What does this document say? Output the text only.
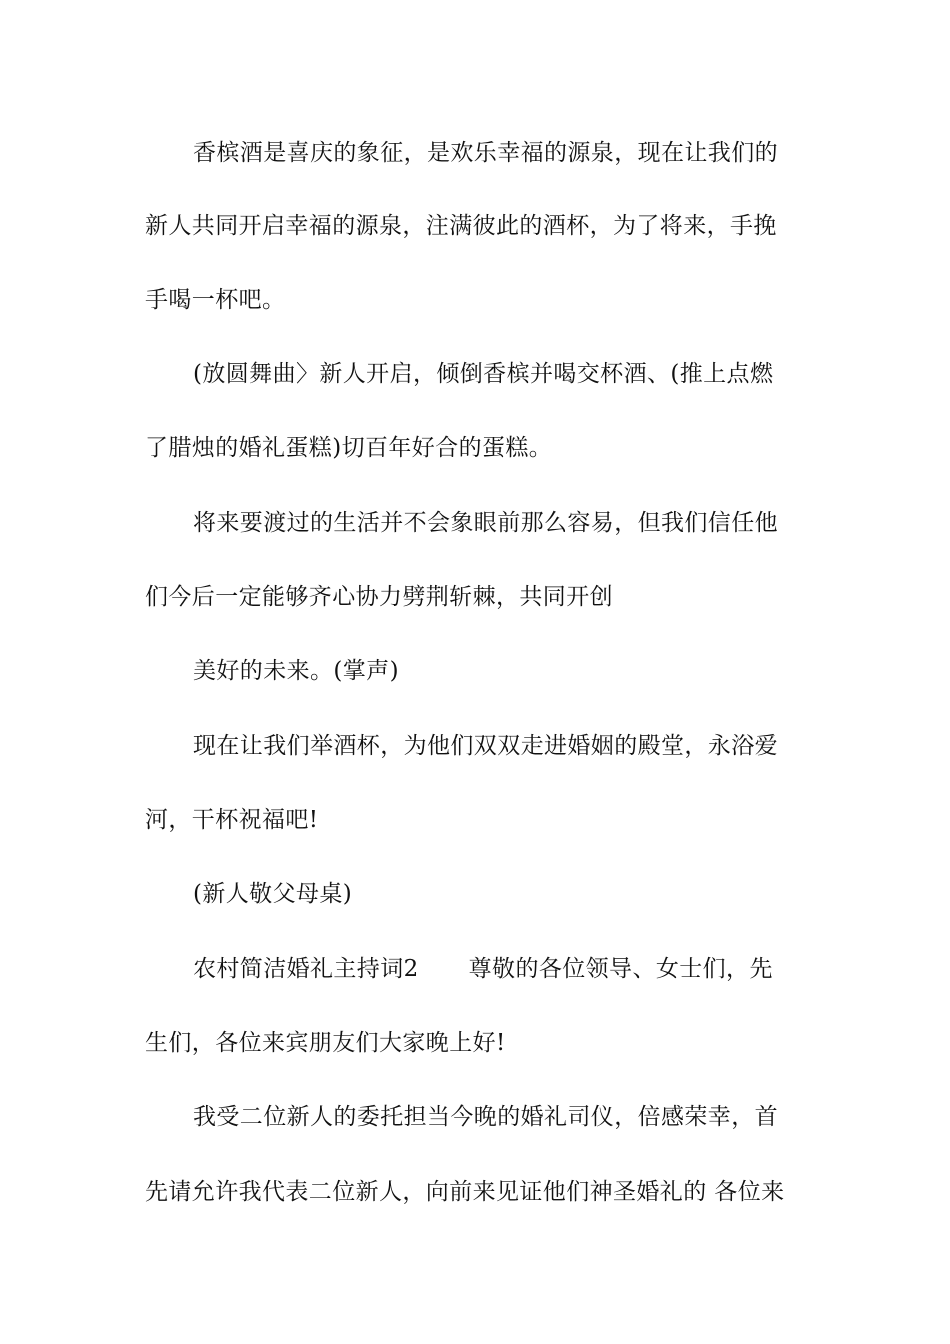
香槟酒是喜庆的象征，是欢乐幸福的源泉，现在让我们的
新人共同开启幸福的源泉，注满彼此的酒杯，为了将来，手挽
手喝一杯吧。
(放圆舞曲〉新人开启，倾倒香槟并喝交杯酒、(推上点燃
了腊烛的婚礼蛋糕)切百年好合的蛋糕。
将来要渡过的生活并不会象眼前那么容易，但我们信任他
们今后一定能够齐心协力劈荆斩棘，共同开创
美好的未来。(掌声)
现在让我们举酒杯，为他们双双走进婚姻的殿堂，永浴爱
河，干杯祝福吧!
(新人敬父母桌)
农村简洁婚礼主持词2 尊敬的各位领导、女士们，先
生们，各位来宾朋友们大家晚上好!
我受二位新人的委托担当今晚的婚礼司仪，倍感荣幸，首
先请允许我代表二位新人，向前来见证他们神圣婚礼的 各位来
